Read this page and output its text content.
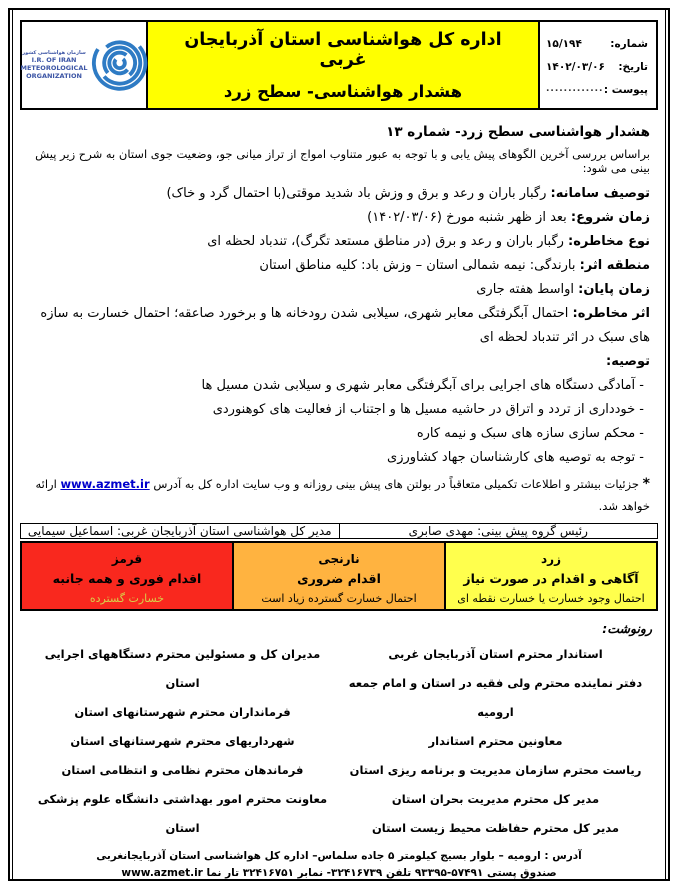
شماره:
۱۵/۱۹۴
تاریخ:
۱۴۰۲/۰۳/۰۶
پیوست :
.............
اداره کل هواشناسی استان آذربایجان غربی
هشدار هواشناسی- سطح زرد
سازمان هواشناسی کشور
I.R. OF IRAN
METEOROLOGICAL
ORGANIZATION
هشدار هواشناسی سطح زرد- شماره ۱۳
براساس بررسی آخرین الگوهای پیش یابی و با توجه به عبور متناوب امواج از تراز میانی جو، وضعیت جوی استان به شرح زیر پیش بینی می شود:

توصیف سامانه: رگبار باران و رعد و برق و وزش باد شدید موقتی(با احتمال گرد و خاک)

زمان شروع: بعد از ظهر شنبه مورخ (۱۴۰۲/۰۳/۰۶)

نوع مخاطره: رگبار باران و رعد و برق (در مناطق مستعد تگرگ)، تندباد لحظه ای

منطقه اثر: بارندگی: نیمه شمالی استان – وزش باد: کلیه مناطق استان

زمان پایان: اواسط هفته جاری

اثر مخاطره: احتمال آبگرفتگی معابر شهری، سیلابی شدن رودخانه ها و برخورد صاعقه؛ احتمال خسارت به سازه های سبک در اثر تندباد لحظه ای

توصیه:

- آمادگی دستگاه های اجرایی برای آبگرفتگی معابر شهری و سیلابی شدن مسیل ها

- خودداری از تردد و اتراق در حاشیه مسیل ها و اجتناب از فعالیت های کوهنوردی

- محکم سازی سازه های سبک و نیمه کاره

- توجه به توصیه های کارشناسان جهاد کشاورزی

* جزئیات بیشتر و اطلاعات تکمیلی متعاقباً در بولتن های پیش بینی روزانه و وب سایت اداره کل به آدرس www.azmet.ir ارائه خواهد شد.

رئیس گروه پیش بینی: مهدی صابری
مدیر کل هواشناسی استان آذربایجان غربی: اسماعیل سیمایی
زرد
آگاهی و اقدام در صورت نیاز
احتمال وجود خسارت یا خسارت نقطه ای
نارنجی
اقدام ضروری
احتمال خسارت گسترده زیاد است
قرمز
اقدام فوری و همه جانبه
خسارت گسترده
رونوشت:
استاندار محترم استان آذربایجان غربی
دفتر نماینده محترم ولی فقیه در استان و امام جمعه ارومیه
معاونین محترم استاندار
ریاست محترم سازمان مدیریت و برنامه ریزی استان
مدیر کل محترم مدیریت بحران استان
مدیر کل محترم حفاظت محیط زیست استان
مدیران کل و مسئولین محترم دستگاههای اجرایی استان
فرمانداران محترم شهرستانهای استان
شهرداریهای محترم شهرستانهای استان
فرماندهان محترم نظامی و انتظامی استان
معاونت محترم امور بهداشتی دانشگاه علوم پزشکی استان
آدرس : ارومیه – بلوار بسیج کیلومتر ۵ جاده سلماس– اداره کل هواشناسی استان آذربایجانغربی
صندوق پستی ۵۷۴۹۱-۹۳۳۹۵ تلفن ۳۲۴۱۶۷۳۹- نمابر ۳۲۴۱۶۷۵۱ تار نما www.azmet.ir
